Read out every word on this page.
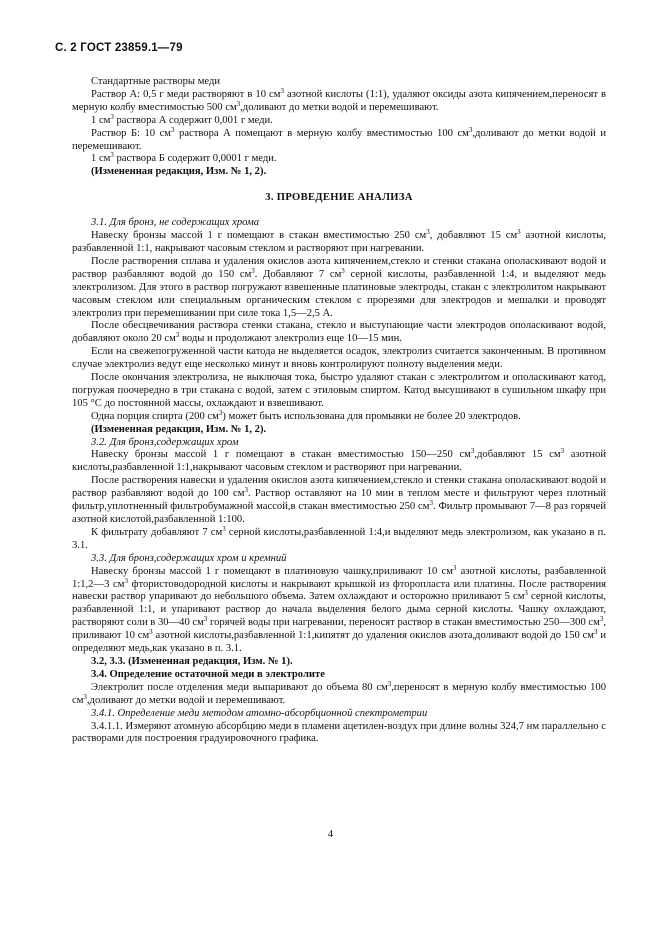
С. 2 ГОСТ 23859.1—79

Стандартные растворы меди

Раствор А: 0,5 г меди растворяют в 10 $см^3$ азотной кислоты (1:1), удаляют оксиды азота кипячением,переносят в мерную колбу вместимостью 500 $см^3,доливают$ до метки водой и перемешивают.

1 $см^3$ раствора А содержит 0,001 г меди.

Раствор Б: 10 $см^3$ раствора А помещают в мерную колбу вместимостью 100 $см^3,доливают$ до метки водой и перемешивают.

1 $см^3$ раствора Б содержит 0,0001 г меди.

(Измененная редакция, Изм. № 1, 2).

3. ПРОВЕДЕНИЕ АНАЛИЗА

3.1. Для бронз, не содержащих хрома

Навеску бронзы массой 1 г помещают в стакан вместимостью 250 $см^3$, добавляют 15 $см^3$ азотной кислоты, разбавленной 1:1, накрывают часовым стеклом и растворяют при нагревании.

После растворения сплава и удаления окислов азота кипячением,стекло и стенки стакана ополаскивают водой и раствор разбавляют водой до 150 $см^3$. Добавляют 7 $см^3$ серной кислоты, разбавленной 1:4, и выделяют медь электролизом. Для этого в раствор погружают взвешенные платиновые электроды, стакан с электролитом накрывают часовым стеклом или специальным органическим стеклом с прорезями для электродов и мешалки и проводят электролиз при перемешивании при силе тока 1,5—2,5 А.

После обесцвечивания раствора стенки стакана, стекло и выступающие части электродов ополаскивают водой, добавляют около 20 $см^3$ воды и продолжают электролиз еще 10—15 мин.

Если на свежепогруженной части катода не выделяется осадок, электролиз считается законченным. В противном случае электролиз ведут еще несколько минут и вновь контролируют полноту выделения меди.

После окончания электролиза, не выключая тока, быстро удаляют стакан с электролитом и ополаскивают катод, погружая поочередно в три стакана с водой, затем с этиловым спиртом. Катод высушивают в сушильном шкафу при 105 °С до постоянной массы, охлаждают и взвешивают.

Одна порция спирта (200 $см^3$) может быть использована для промывки не более 20 электродов.

(Измененная редакция, Изм. № 1, 2).

3.2. Для бронз,содержащих хром

Навеску бронзы массой 1 г помещают в стакан вместимостью 150—250 $см^3,добавляют$ 15 $см^3$ азотной кислоты,разбавленной 1:1,накрывают часовым стеклом и растворяют при нагревании.

После растворения навески и удаления окислов азота кипячением,стекло и стенки стакана ополаскивают водой и раствор разбавляют водой до 100 $см^3$. Раствор оставляют на 10 мин в теплом месте и фильтруют через плотный фильтр,уплотненный фильтробумажной массой,в стакан вместимостью 250 $см^3$. Фильтр промывают 7—8 раз горячей азотной кислотой,разбавленной 1:100.

К фильтрату добавляют 7 $см^3$ серной кислоты,разбавленной 1:4,и выделяют медь электролизом, как указано в п. 3.1.

3.3. Для бронз,содержащих хром и кремний

Навеску бронзы массой 1 г помещают в платиновую чашку,приливают 10 $см^3$ азотной кислоты, разбавленной 1:1,2—3 $см^3$ фтористоводородной кислоты и накрывают крышкой из фторопласта или платины. После растворения навески раствор упаривают до небольшого объема. Затем охлаждают и осторожно приливают 5 $см^3$ серной кислоты, разбавленной 1:1, и упаривают раствор до начала выделения белого дыма серной кислоты. Чашку охлаждают, растворяют соли в 30—40 $см^3$ горячей воды при нагревании, переносят раствор в стакан вместимостью 250—300 $см^3$, приливают 10 $см^3$ азотной кислоты,разбавленной 1:1,кипятят до удаления окислов азота,доливают водой до 150 $см^3$ и определяют медь,как указано в п. 3.1.

3.2, 3.3. (Измененная редакция, Изм. № 1).

3.4. Определение остаточной меди в электролите

Электролит после отделения меди выпаривают до объема 80 $см^3,переносят$ в мерную колбу вместимостью 100 $см^3,доливают$ до метки водой и перемешивают.

3.4.1. Определение меди методом атомно-абсорбционной спектрометрии

3.4.1.1. Измеряют атомную абсорбцию меди в пламени ацетилен-воздух при длине волны 324,7 нм параллельно с растворами для построения градуировочного графика.

4
